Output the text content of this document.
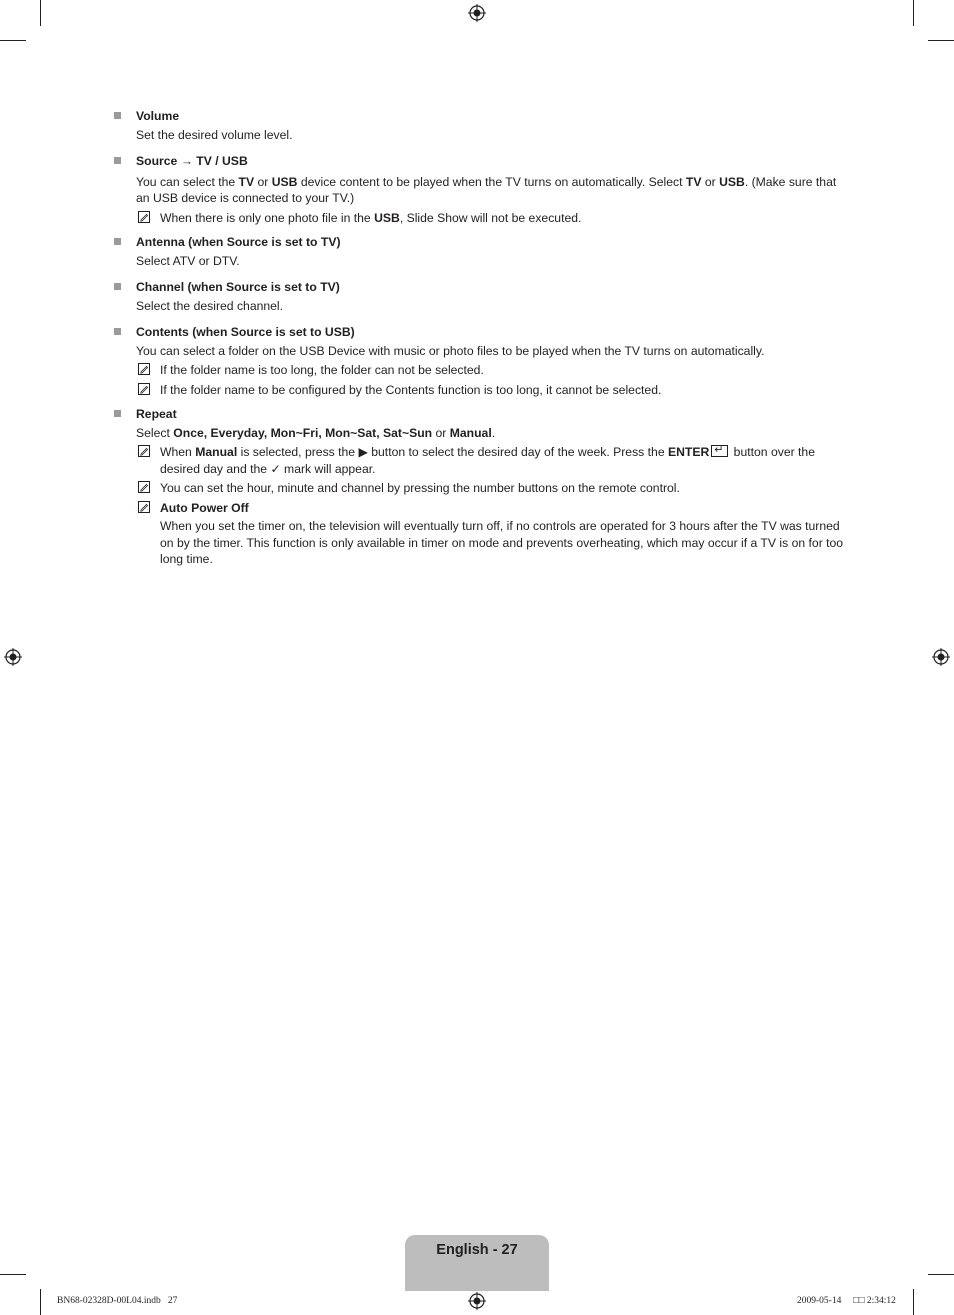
Volume

Set the desired volume level.

Source → TV / USB

You can select the TV or USB device content to be played when the TV turns on automatically. Select TV or USB. (Make sure that an USB device is connected to your TV.)

When there is only one photo file in the USB, Slide Show will not be executed.
Antenna (when Source is set to TV)

Select ATV or DTV.

Channel (when Source is set to TV)

Select the desired channel.

Contents (when Source is set to USB)

You can select a folder on the USB Device with music or photo files to be played when the TV turns on automatically.

If the folder name is too long, the folder can not be selected.
If the folder name to be configured by the Contents function is too long, it cannot be selected.
Repeat

Select Once, Everyday, Mon~Fri, Mon~Sat, Sat~Sun or Manual.

When Manual is selected, press the ▶ button to select the desired day of the week. Press the ENTER↵ button over the desired day and the ✓ mark will appear.
You can set the hour, minute and channel by pressing the number buttons on the remote control.
Auto Power Off
When you set the timer on, the television will eventually turn off, if no controls are operated for 3 hours after the TV was turned on by the timer. This function is only available in timer on mode and prevents overheating, which may occur if a TV is on for too long time.
English - 27
BN68-02328D-00L04.indb   27	2009-05-14 □□ 2:34:12
